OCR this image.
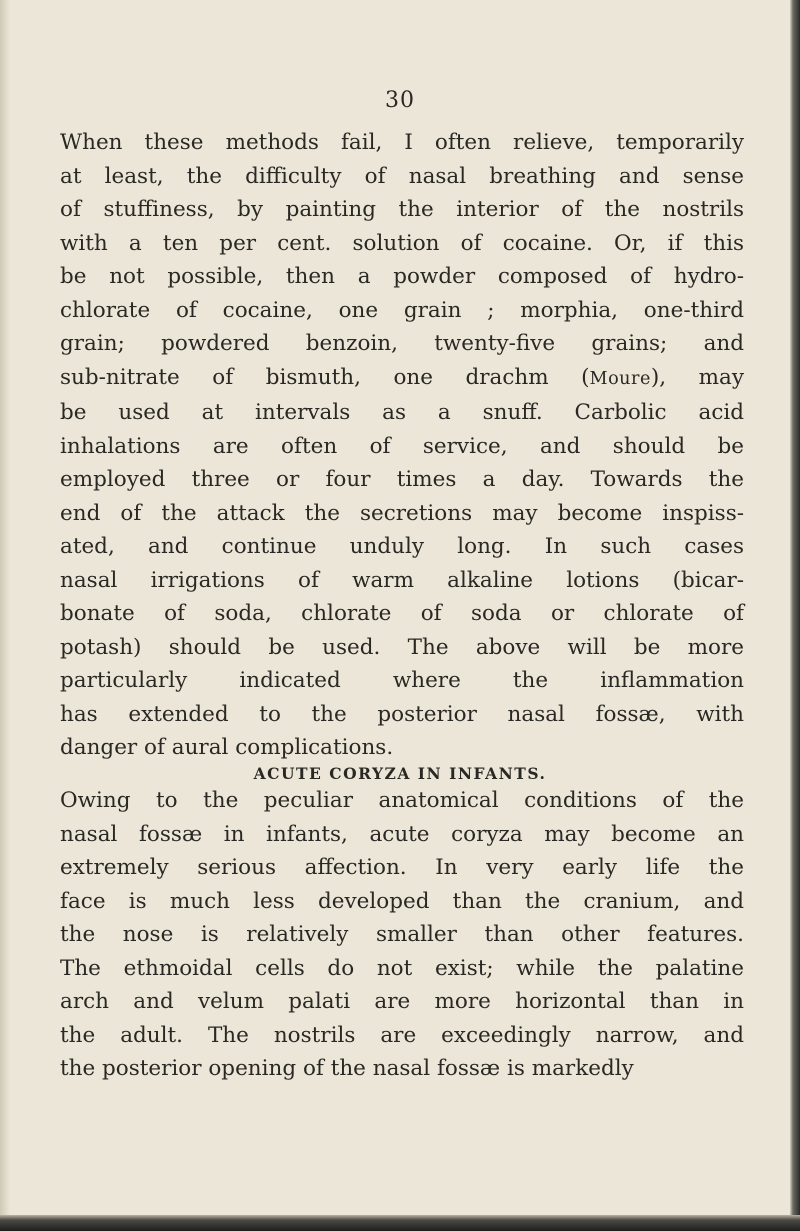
30

When these methods fail, I often relieve, temporarily
at least, the difficulty of nasal breathing and sense
of stuffiness, by painting the interior of the nostrils
with a ten per cent. solution of cocaine. Or, if this
be not possible, then a powder composed of hydro-
chlorate of cocaine, one grain ; morphia, one-third
grain; powdered benzoin, twenty-five grains; and
sub-nitrate of bismuth, one drachm (Moure), may
be used at intervals as a snuff. Carbolic acid
inhalations are often of service, and should be
employed three or four times a day. Towards the
end of the attack the secretions may become inspiss-
ated, and continue unduly long. In such cases
nasal irrigations of warm alkaline lotions (bicar-
bonate of soda, chlorate of soda or chlorate of
potash) should be used. The above will be more
particularly indicated where the inflammation
has extended to the posterior nasal fossæ, with
danger of aural complications.

ACUTE CORYZA IN INFANTS.

Owing to the peculiar anatomical conditions of the
nasal fossæ in infants, acute coryza may become an
extremely serious affection. In very early life the
face is much less developed than the cranium, and
the nose is relatively smaller than other features.
The ethmoidal cells do not exist; while the palatine
arch and velum palati are more horizontal than in
the adult. The nostrils are exceedingly narrow, and
the posterior opening of the nasal fossæ is markedly
